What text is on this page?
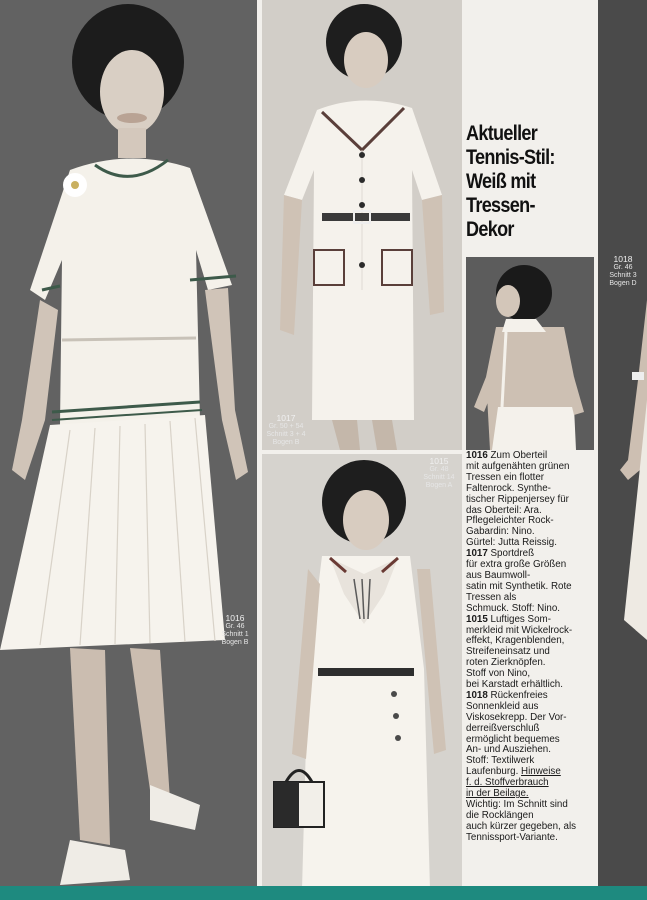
1016
Gr. 46
Schnitt 1
Bogen B
1017
Gr. 50 + 54
Schnitt 3 + 4
Bogen B
1015
Gr. 48
Schnitt 14
Bogen A
1018
Gr. 46
Schnitt 3
Bogen D
Aktueller
Tennis-Stil:
Weiß mit
Tressen-
Dekor
1016 Zum Oberteil
mit aufgenähten grünen
Tressen ein flotter
Faltenrock. Synthe-
tischer Rippenjersey für
das Oberteil: Ara.
Pflegeleichter Rock-
Gabardin: Nino.
Gürtel: Jutta Reissig.
1017 Sportdreß
für extra große Größen
aus Baumwoll-
satin mit Synthetik. Rote
Tressen als
Schmuck. Stoff: Nino.
1015 Luftiges Som-
merkleid mit Wickelrock-
effekt, Kragenblenden,
Streifeneinsatz und
roten Zierknöpfen.
Stoff von Nino,
bei Karstadt erhältlich.
1018 Rückenfreies
Sonnenkleid aus
Viskosekrepp. Der Vor-
derreißverschluß
ermöglicht bequemes
An- und Ausziehen.
Stoff: Textilwerk
Laufenburg. Hinweise
f. d. Stoffverbrauch
in der Beilage.
Wichtig: Im Schnitt sind
die Rocklängen
auch kürzer gegeben, als
Tennissport-Variante.
